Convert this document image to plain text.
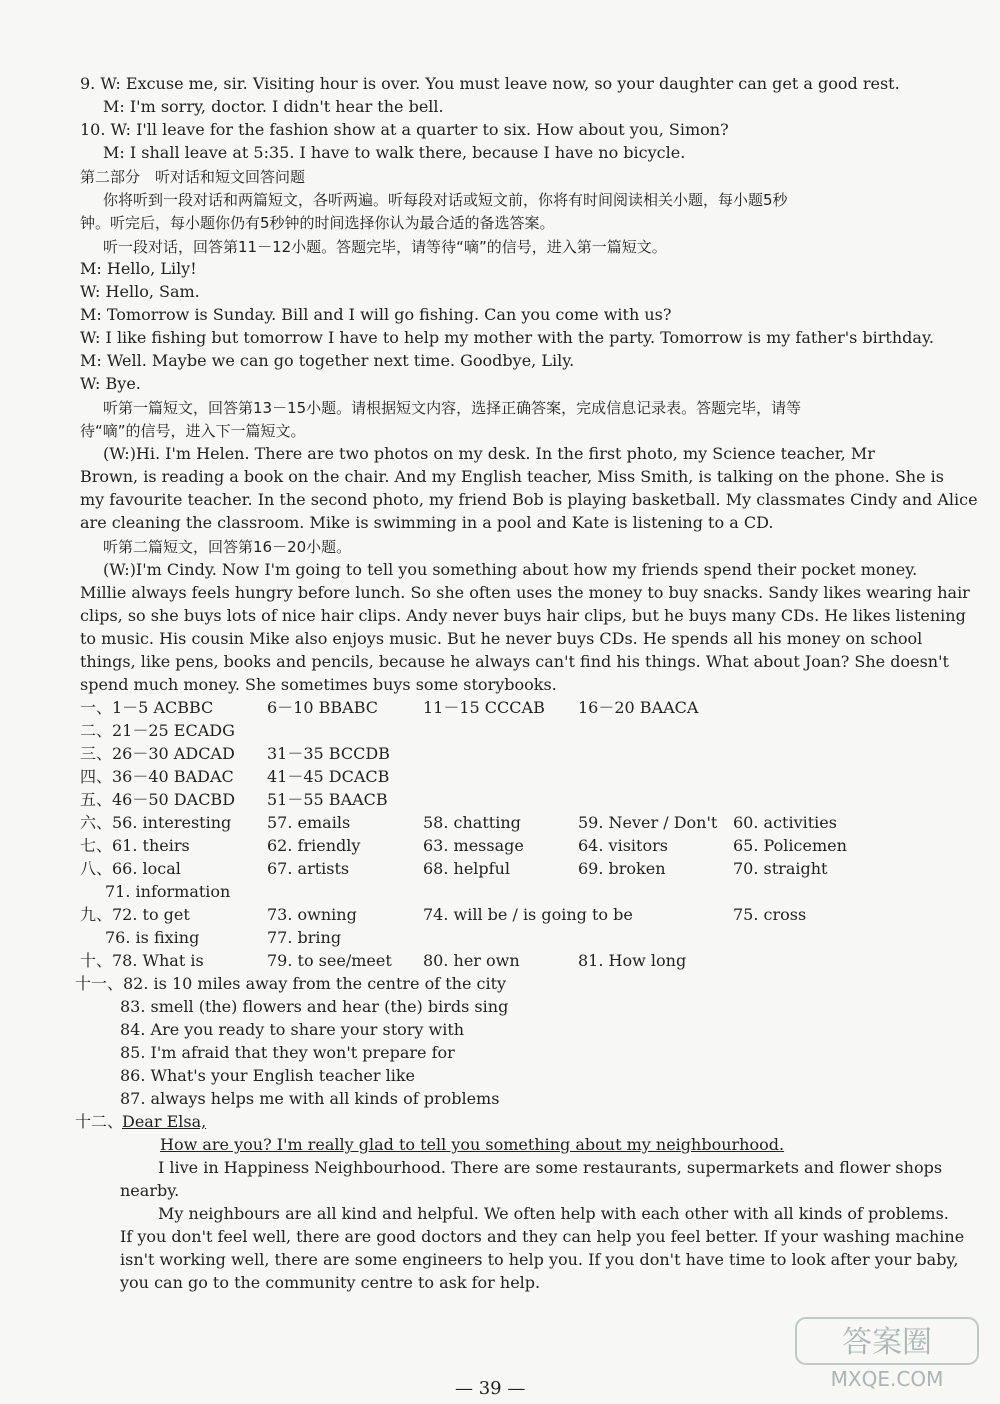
9. W: Excuse me, sir. Visiting hour is over. You must leave now, so your daughter can get a good rest.
M: I'm sorry, doctor. I didn't hear the bell.
10. W: I'll leave for the fashion show at a quarter to six. How about you, Simon?
M: I shall leave at 5:35. I have to walk there, because I have no bicycle.
第二部分　听对话和短文回答问题
你将听到一段对话和两篇短文，各听两遍。听每段对话或短文前，你将有时间阅读相关小题，每小题5秒
钟。听完后，每小题你仍有5秒钟的时间选择你认为最合适的备选答案。
听一段对话，回答第11－12小题。答题完毕，请等待“嘀”的信号，进入第一篇短文。
M: Hello, Lily!
W: Hello, Sam.
M: Tomorrow is Sunday. Bill and I will go fishing. Can you come with us?
W: I like fishing but tomorrow I have to help my mother with the party. Tomorrow is my father's birthday.
M: Well. Maybe we can go together next time. Goodbye, Lily.
W: Bye.
听第一篇短文，回答第13－15小题。请根据短文内容，选择正确答案，完成信息记录表。答题完毕，请等
待“嘀”的信号，进入下一篇短文。
(W:)Hi. I'm Helen. There are two photos on my desk. In the first photo, my Science teacher, Mr
Brown, is reading a book on the chair. And my English teacher, Miss Smith, is talking on the phone. She is
my favourite teacher. In the second photo, my friend Bob is playing basketball. My classmates Cindy and Alice
are cleaning the classroom. Mike is swimming in a pool and Kate is listening to a CD.
听第二篇短文，回答第16－20小题。
(W:)I'm Cindy. Now I'm going to tell you something about how my friends spend their pocket money.
Millie always feels hungry before lunch. So she often uses the money to buy snacks. Sandy likes wearing hair
clips, so she buys lots of nice hair clips. Andy never buys hair clips, but he buys many CDs. He likes listening
to music. His cousin Mike also enjoys music. But he never buys CDs. He spends all his money on school
things, like pens, books and pencils, because he always can't find his things. What about Joan? She doesn't
spend much money. She sometimes buys some storybooks.
一、1－5 ACBBC	6－10 BBABC	11－15 CCCAB 16－20 BAACA
二、21－25 ECADG
三、26－30 ADCAD 31－35 BCCDB
四、36－40 BADAC 41－45 DCACB
五、46－50 DACBD 51－55 BAACB
六、56. interesting 57. emails	58. chatting	59. Never / Don't 60. activities
七、61. theirs	62. friendly	63. message	64. visitors	65. Policemen
八、66. local	67. artists	68. helpful	69. broken	70. straight
71. information
九、72. to get	73. owning	74. will be / is going to be	75. cross
76. is fixing	77. bring
十、78. What is	79. to see/meet 80. her own	81. How long
十一、82. is 10 miles away from the centre of the city
83. smell (the) flowers and hear (the) birds sing
84. Are you ready to share your story with
85. I'm afraid that they won't prepare for
86. What's your English teacher like
87. always helps me with all kinds of problems
十二、
Dear Elsa,
How are you? I'm really glad to tell you something about my neighbourhood.
I live in Happiness Neighbourhood. There are some restaurants, supermarkets and flower shops
nearby.
My neighbours are all kind and helpful. We often help with each other with all kinds of problems.
If you don't feel well, there are good doctors and they can help you feel better. If your washing machine
isn't working well, there are some engineers to help you. If you don't have time to look after your baby,
you can go to the community centre to ask for help.
— 39 —
答案圈
MXQE.COM
